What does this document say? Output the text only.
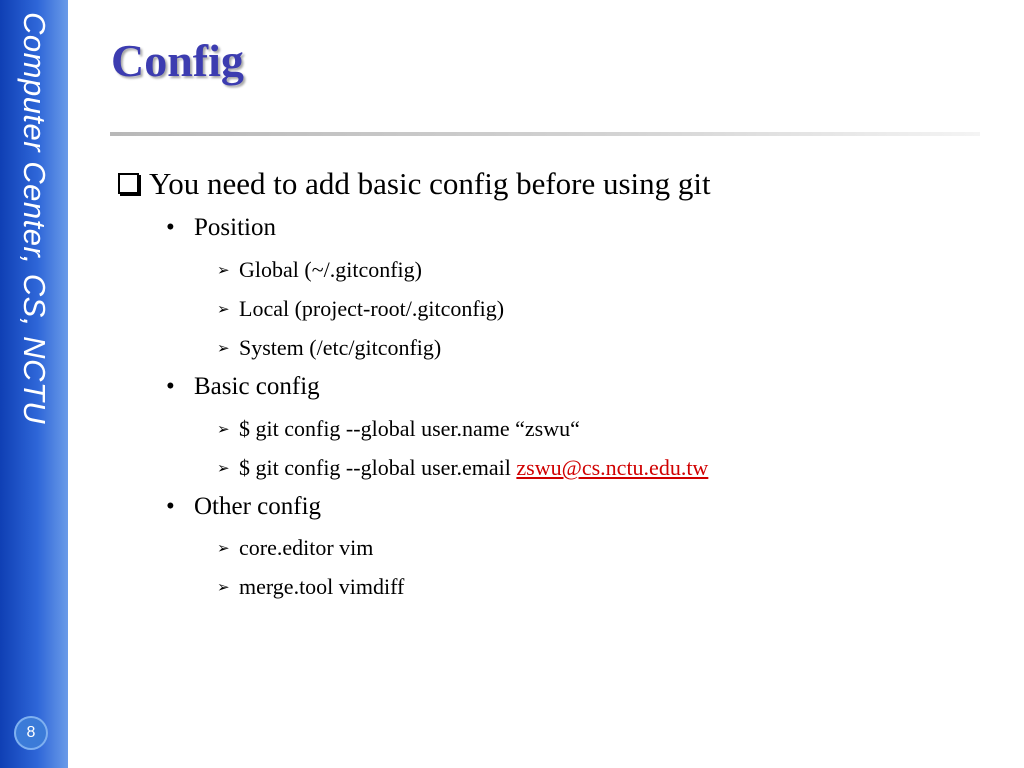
Computer Center, CS, NCTU
8
Config
You need to add basic config before using git
• Position
➢ Global (~/.gitconfig)
➢ Local (project-root/.gitconfig)
➢ System (/etc/gitconfig)
• Basic config
➢ $ git config --global user.name “zswu“
➢ $ git config --global user.email zswu@cs.nctu.edu.tw
• Other config
➢ core.editor vim
➢ merge.tool vimdiff
